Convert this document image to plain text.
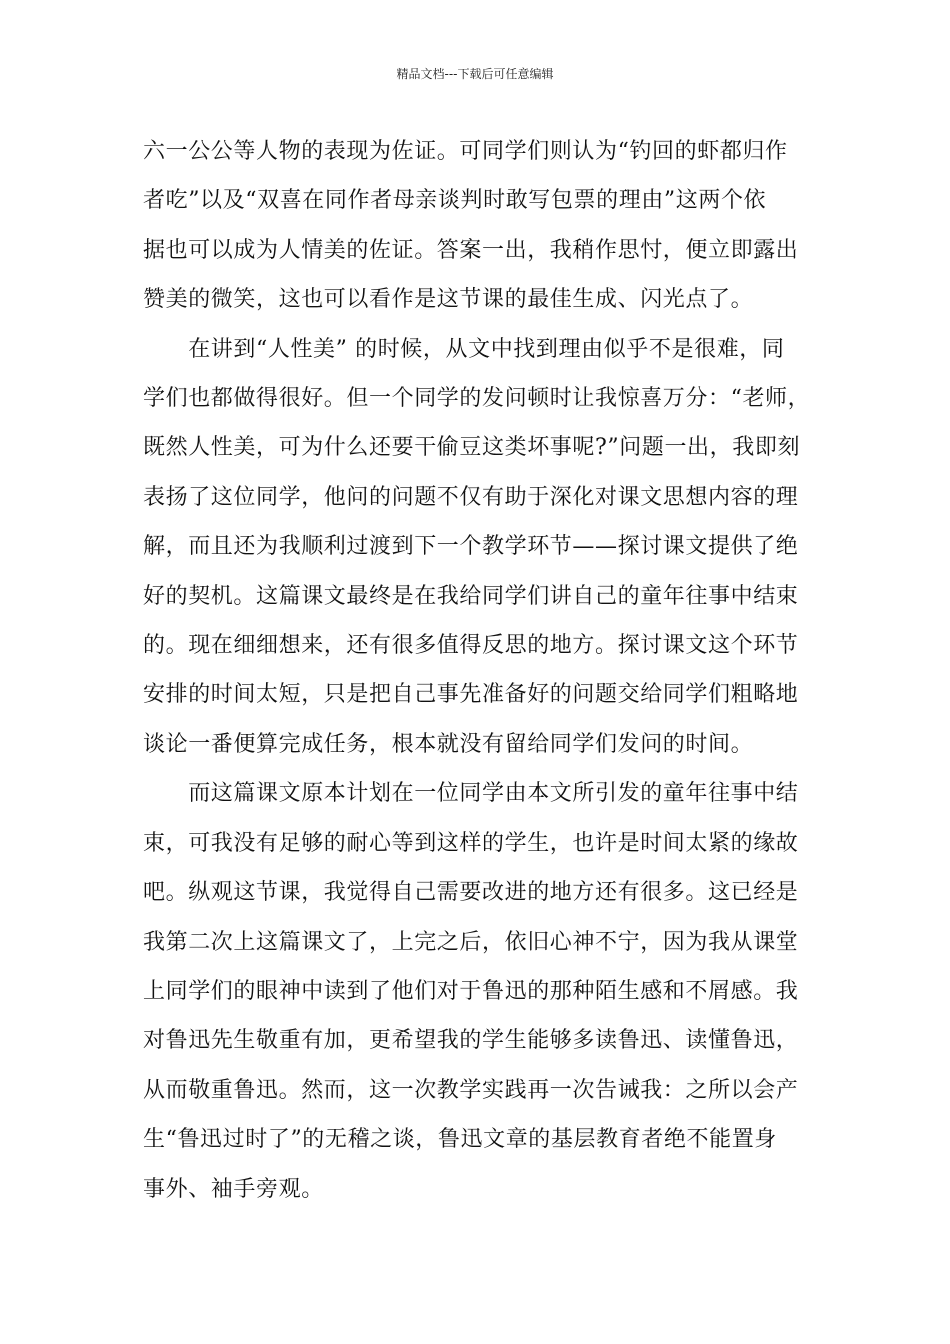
精品文档---下载后可任意编辑

六一公公等人物的表现为佐证。可同学们则认为“钓回的虾都归作

者吃”以及“双喜在同作者母亲谈判时敢写包票的理由”这两个依

据也可以成为人情美的佐证。答案一出，我稍作思忖，便立即露出

赞美的微笑，这也可以看作是这节课的最佳生成、闪光点了。

　　在讲到“人性美” 的时候，从文中找到理由似乎不是很难，同

学们也都做得很好。但一个同学的发问顿时让我惊喜万分：“老师，

既然人性美，可为什么还要干偷豆这类坏事呢?”问题一出，我即刻

表扬了这位同学，他问的问题不仅有助于深化对课文思想内容的理

解，而且还为我顺利过渡到下一个教学环节——探讨课文提供了绝

好的契机。这篇课文最终是在我给同学们讲自己的童年往事中结束

的。现在细细想来，还有很多值得反思的地方。探讨课文这个环节

安排的时间太短，只是把自己事先准备好的问题交给同学们粗略地

谈论一番便算完成任务，根本就没有留给同学们发问的时间。

　　而这篇课文原本计划在一位同学由本文所引发的童年往事中结

束，可我没有足够的耐心等到这样的学生，也许是时间太紧的缘故

吧。纵观这节课，我觉得自己需要改进的地方还有很多。这已经是

我第二次上这篇课文了，上完之后，依旧心神不宁，因为我从课堂

上同学们的眼神中读到了他们对于鲁迅的那种陌生感和不屑感。我

对鲁迅先生敬重有加，更希望我的学生能够多读鲁迅、读懂鲁迅，

从而敬重鲁迅。然而，这一次教学实践再一次告诫我：之所以会产

生“鲁迅过时了”的无稽之谈，鲁迅文章的基层教育者绝不能置身

事外、袖手旁观。
